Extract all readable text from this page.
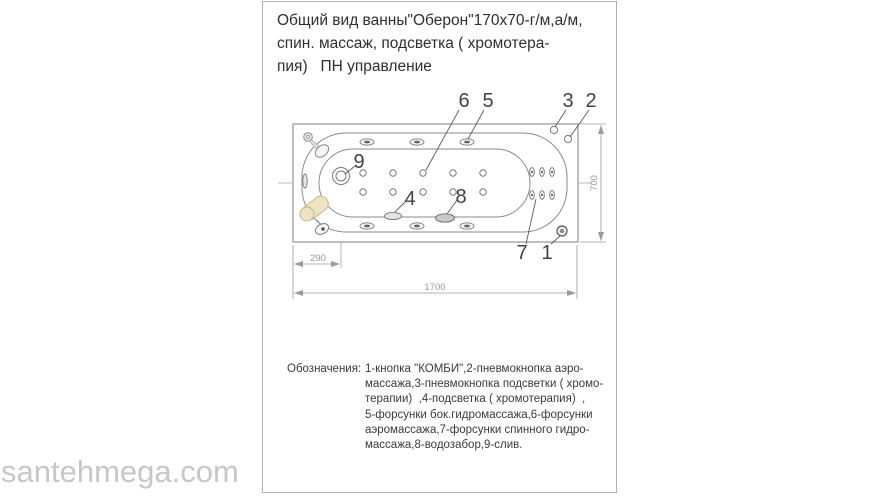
santehmega.com
Общий вид ванны"Оберон"170х70-г/м,а/м,
спин. массаж, подсветка ( хромотера-
пия)   ПН управление
6 5	3 2
9
4 8
7 1
290
1700
700
Обозначения: 1-кнопка "КОМБИ",2-пневмокнопка аэро-
массажа,3-пневмокнопка подсветки ( хромо-
терапии)  ,4-подсветка ( хромотерапия)  ,
5-форсунки бок.гидромассажа,6-форсунки
аэромассажа,7-форсунки спинного гидро-
массажа,8-водозабор,9-слив.
